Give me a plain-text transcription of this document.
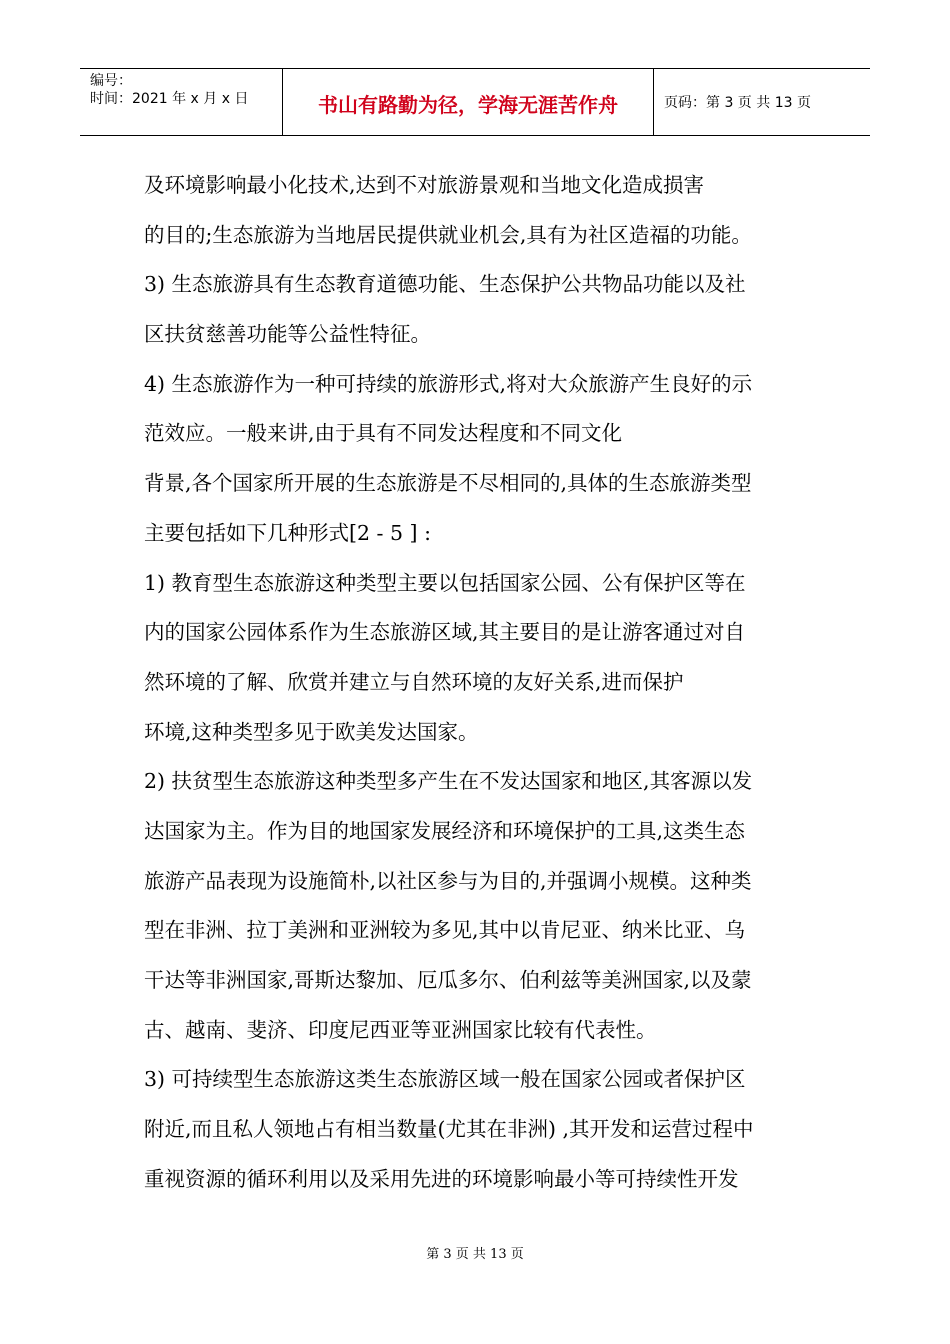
编号：
时间：2021 年 x 月 x 日	书山有路勤为径，学海无涯苦作舟	页码：第 3 页 共 13 页
及环境影响最小化技术,达到不对旅游景观和当地文化造成损害
的目的;生态旅游为当地居民提供就业机会,具有为社区造福的功能。
3) 生态旅游具有生态教育道德功能、生态保护公共物品功能以及社
区扶贫慈善功能等公益性特征。
4) 生态旅游作为一种可持续的旅游形式,将对大众旅游产生良好的示
范效应。一般来讲,由于具有不同发达程度和不同文化
背景,各个国家所开展的生态旅游是不尽相同的,具体的生态旅游类型
主要包括如下几种形式[2 - 5 ] :
1) 教育型生态旅游这种类型主要以包括国家公园、公有保护区等在
内的国家公园体系作为生态旅游区域,其主要目的是让游客通过对自
然环境的了解、欣赏并建立与自然环境的友好关系,进而保护
环境,这种类型多见于欧美发达国家。
2) 扶贫型生态旅游这种类型多产生在不发达国家和地区,其客源以发
达国家为主。作为目的地国家发展经济和环境保护的工具,这类生态
旅游产品表现为设施简朴,以社区参与为目的,并强调小规模。这种类
型在非洲、拉丁美洲和亚洲较为多见,其中以肯尼亚、纳米比亚、乌
干达等非洲国家,哥斯达黎加、厄瓜多尔、伯利兹等美洲国家,以及蒙
古、越南、斐济、印度尼西亚等亚洲国家比较有代表性。
3) 可持续型生态旅游这类生态旅游区域一般在国家公园或者保护区
附近,而且私人领地占有相当数量(尤其在非洲) ,其开发和运营过程中
重视资源的循环利用以及采用先进的环境影响最小等可持续性开发
第 3 页 共 13 页
